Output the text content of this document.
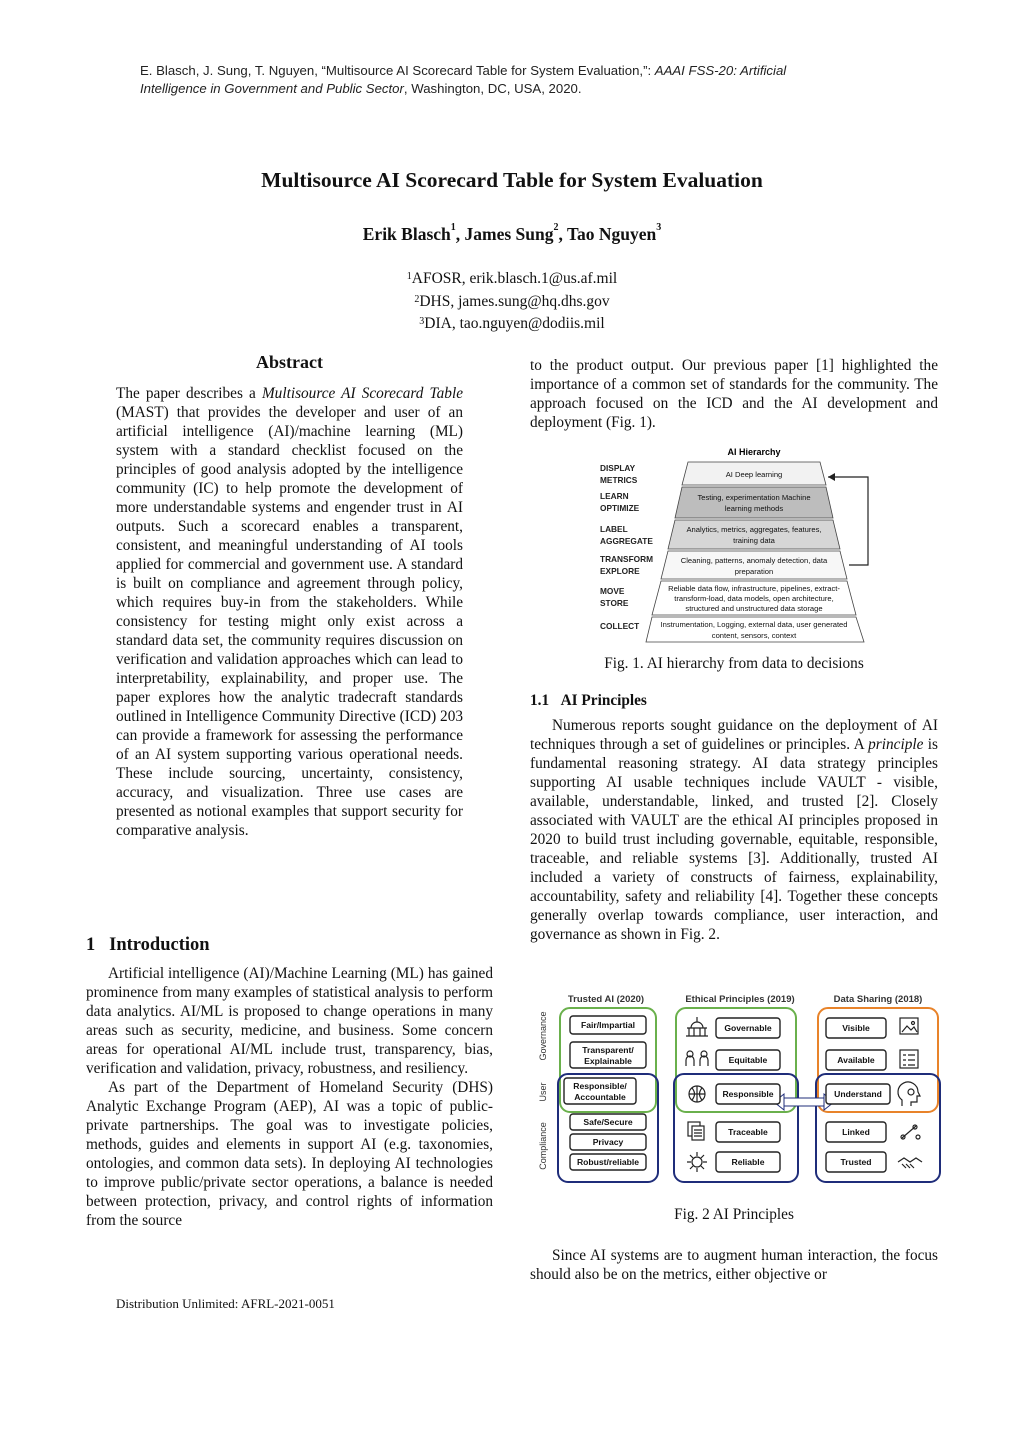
E. Blasch, J. Sung, T. Nguyen, “Multisource AI Scorecard Table for System Evaluation,”: AAAI FSS-20: Artificial Intelligence in Government and Public Sector, Washington, DC, USA, 2020.
Multisource AI Scorecard Table for System Evaluation
Erik Blasch$^1$, James Sung$^2$, Tao Nguyen$^3$
$^1$AFOSR, erik.blasch.1@us.af.mil
$^2$DHS, james.sung@hq.dhs.gov
$^3$DIA, tao.nguyen@dodiis.mil
Abstract

The paper describes a Multisource AI Scorecard Table (MAST) that provides the developer and user of an artificial intelligence (AI)/machine learning (ML) system with a standard checklist focused on the principles of good analysis adopted by the intelligence community (IC) to help promote the development of more understandable systems and engender trust in AI outputs. Such a scorecard enables a transparent, consistent, and meaningful understanding of AI tools applied for commercial and government use. A standard is built on compliance and agreement through policy, which requires buy-in from the stakeholders. While consistency for testing might only exist across a standard data set, the community requires discussion on verification and validation approaches which can lead to interpretability, explainability, and proper use. The paper explores how the analytic tradecraft standards outlined in Intelligence Community Directive (ICD) 203 can provide a framework for assessing the performance of an AI system supporting various operational needs. These include sourcing, uncertainty, consistency, accuracy, and visualization. Three use cases are presented as notional examples that support security for comparative analysis.

1 Introduction

Artificial intelligence (AI)/Machine Learning (ML) has gained prominence from many examples of statistical analysis to perform data analytics. AI/ML is proposed to change operations in many areas such as security, medicine, and business. Some concern areas for operational AI/ML include trust, transparency, bias, verification and validation, privacy, robustness, and resiliency.

As part of the Department of Homeland Security (DHS) Analytic Exchange Program (AEP), AI was a topic of public-private partnerships. The goal was to investigate policies, methods, guides and elements in support AI (e.g. taxonomies, ontologies, and common data sets). In deploying AI technologies to improve public/private sector operations, a balance is needed between protection, privacy, and control rights of information from the source

to the product output. Our previous paper [1] highlighted the importance of a common set of standards for the community. The approach focused on the ICD and the AI development and deployment (Fig. 1).

AI Hierarchy
DISPLAY
METRICS
LEARN
OPTIMIZE
LABEL
AGGREGATE
TRANSFORM
EXPLORE
MOVE
STORE
COLLECT
AI Deep learning
Testing, experimentation Machine
learning methods
Analytics, metrics, aggregates, features,
training data
Cleaning, patterns, anomaly detection, data
preparation
Reliable data flow, infrastructure, pipelines, extract-
transform-load, data models, open architecture,
structured and unstructured data storage
Instrumentation, Logging, external data, user generated
content, sensors, context
Fig. 1. AI hierarchy from data to decisions
1.1 AI Principles

Numerous reports sought guidance on the deployment of AI techniques through a set of guidelines or principles. A principle is fundamental reasoning strategy. AI data strategy principles supporting AI usable techniques include VAULT - visible, available, understandable, linked, and trusted [2]. Closely associated with VAULT are the ethical AI principles proposed in 2020 to build trust including governable, equitable, responsible, traceable, and reliable systems [3]. Additionally, trusted AI included a variety of constructs of fairness, explainability, accountability, safety and reliability [4]. Together these concepts generally overlap towards compliance, user interaction, and governance as shown in Fig. 2.

Trusted AI (2020)	Ethical Principles (2019)	Data Sharing (2018)
Governance
User
Compliance
Fair/Impartial
Transparent/
Explainable
Responsible/
Accountable
Safe/Secure
Privacy
Robust/reliable
Governable
Equitable
Responsible
Traceable
Reliable
Visible
Available
Understand
Linked
Trusted
Fig. 2 AI Principles

Since AI systems are to augment human interaction, the focus should also be on the metrics, either objective or

Distribution Unlimited: AFRL-2021-0051
